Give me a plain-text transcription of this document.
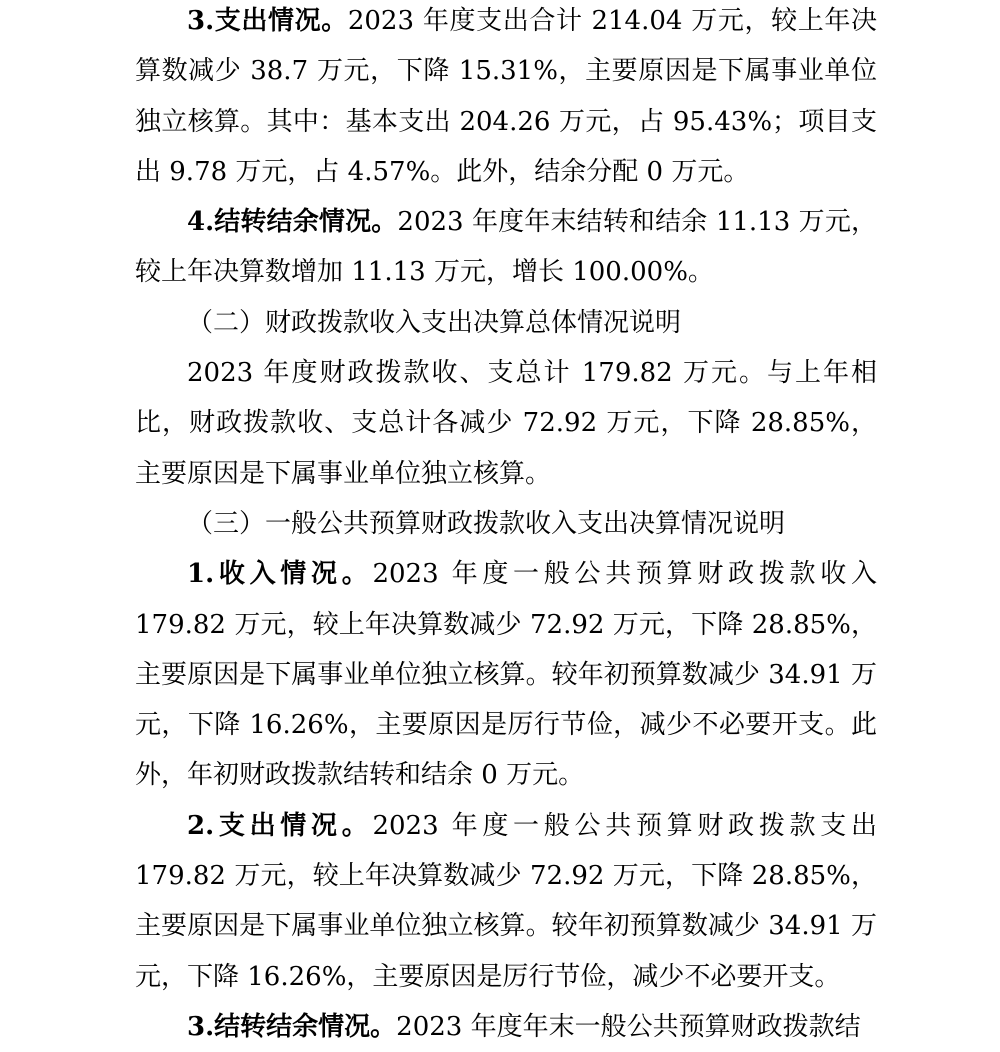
3.支出情况。2023 年度支出合计 214.04 万元，较上年决算数减少 38.7 万元，下降 15.31%，主要原因是下属事业单位独立核算。其中：基本支出 204.26 万元，占 95.43%；项目支出 9.78 万元，占 4.57%。此外，结余分配 0 万元。

4.结转结余情况。2023 年度年末结转和结余 11.13 万元，较上年决算数增加 11.13 万元，增长 100.00%。

（二）财政拨款收入支出决算总体情况说明

2023 年度财政拨款收、支总计 179.82 万元。与上年相比，财政拨款收、支总计各减少 72.92 万元，下降 28.85%，主要原因是下属事业单位独立核算。

（三）一般公共预算财政拨款收入支出决算情况说明

1.收入情况。2023 年度一般公共预算财政拨款收入 179.82 万元，较上年决算数减少 72.92 万元，下降 28.85%，主要原因是下属事业单位独立核算。较年初预算数减少 34.91 万元，下降 16.26%，主要原因是厉行节俭，减少不必要开支。此外，年初财政拨款结转和结余 0 万元。

2.支出情况。2023 年度一般公共预算财政拨款支出 179.82 万元，较上年决算数减少 72.92 万元，下降 28.85%，主要原因是下属事业单位独立核算。较年初预算数减少 34.91 万元，下降 16.26%，主要原因是厉行节俭，减少不必要开支。

3.结转结余情况。2023 年度年末一般公共预算财政拨款结
